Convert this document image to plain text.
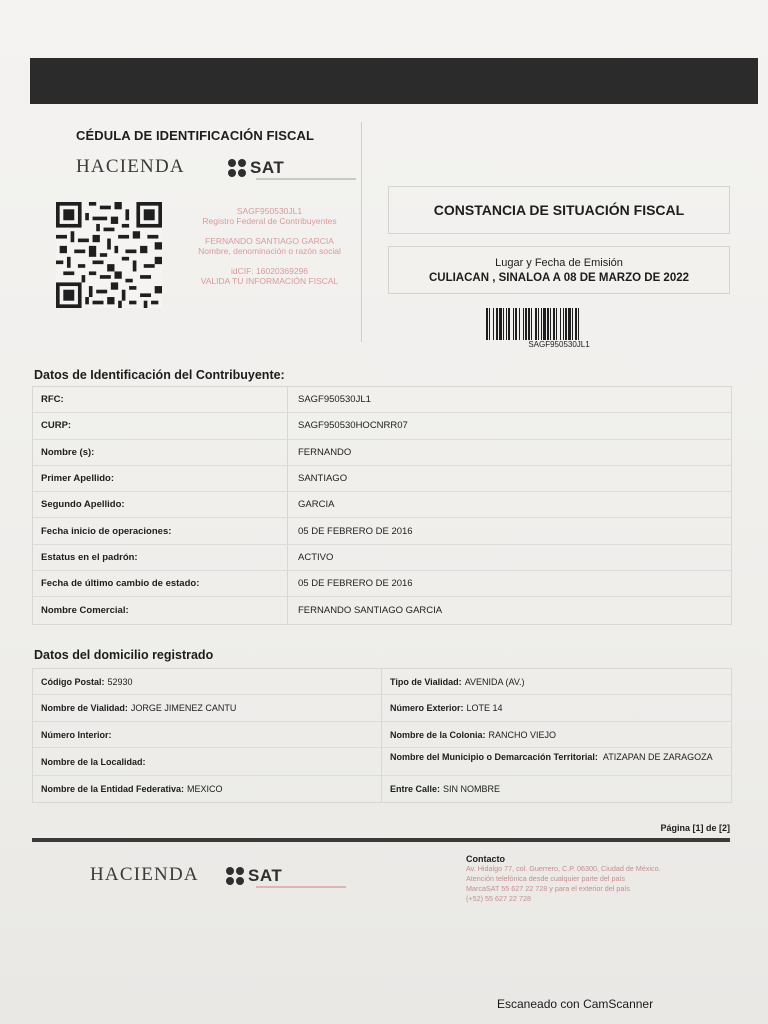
CÉDULA DE IDENTIFICACIÓN FISCAL
HACIENDA	SAT
SAGF950530JL1
Registro Federal de Contribuyentes
FERNANDO SANTIAGO GARCIA
Nombre, denominación o razón social
idCIF: 16020369296
VALIDA TU INFORMACIÓN FISCAL
CONSTANCIA DE SITUACIÓN FISCAL
Lugar y Fecha de Emisión
CULIACAN , SINALOA A 08 DE MARZO DE 2022
SAGF950530JL1
Datos de Identificación del Contribuyente:
RFC:	SAGF950530JL1
CURP:	SAGF950530HOCNRR07
Nombre (s):	FERNANDO
Primer Apellido:	SANTIAGO
Segundo Apellido:	GARCIA
Fecha inicio de operaciones:	05 DE FEBRERO DE 2016
Estatus en el padrón:	ACTIVO
Fecha de último cambio de estado:	05 DE FEBRERO DE 2016
Nombre Comercial:	FERNANDO SANTIAGO GARCIA
Datos del domicilio registrado
Código Postal: 52930	Tipo de Vialidad: AVENIDA (AV.)
Nombre de Vialidad: JORGE JIMENEZ CANTU	Número Exterior: LOTE 14
Número Interior:	Nombre de la Colonia: RANCHO VIEJO
Nombre de la Localidad:	Nombre del Municipio o Demarcación Territorial: ATIZAPAN DE ZARAGOZA
Nombre de la Entidad Federativa: MEXICO	Entre Calle: SIN NOMBRE
Página [1] de [2]
HACIENDA	SAT
Contacto
Av. Hidalgo 77, col. Guerrero, C.P. 06300, Ciudad de México.
Atención telefónica desde cualquier parte del país
MarcaSAT 55 627 22 728 y para el exterior del país
(+52) 55 627 22 728
Escaneado con CamScanner
